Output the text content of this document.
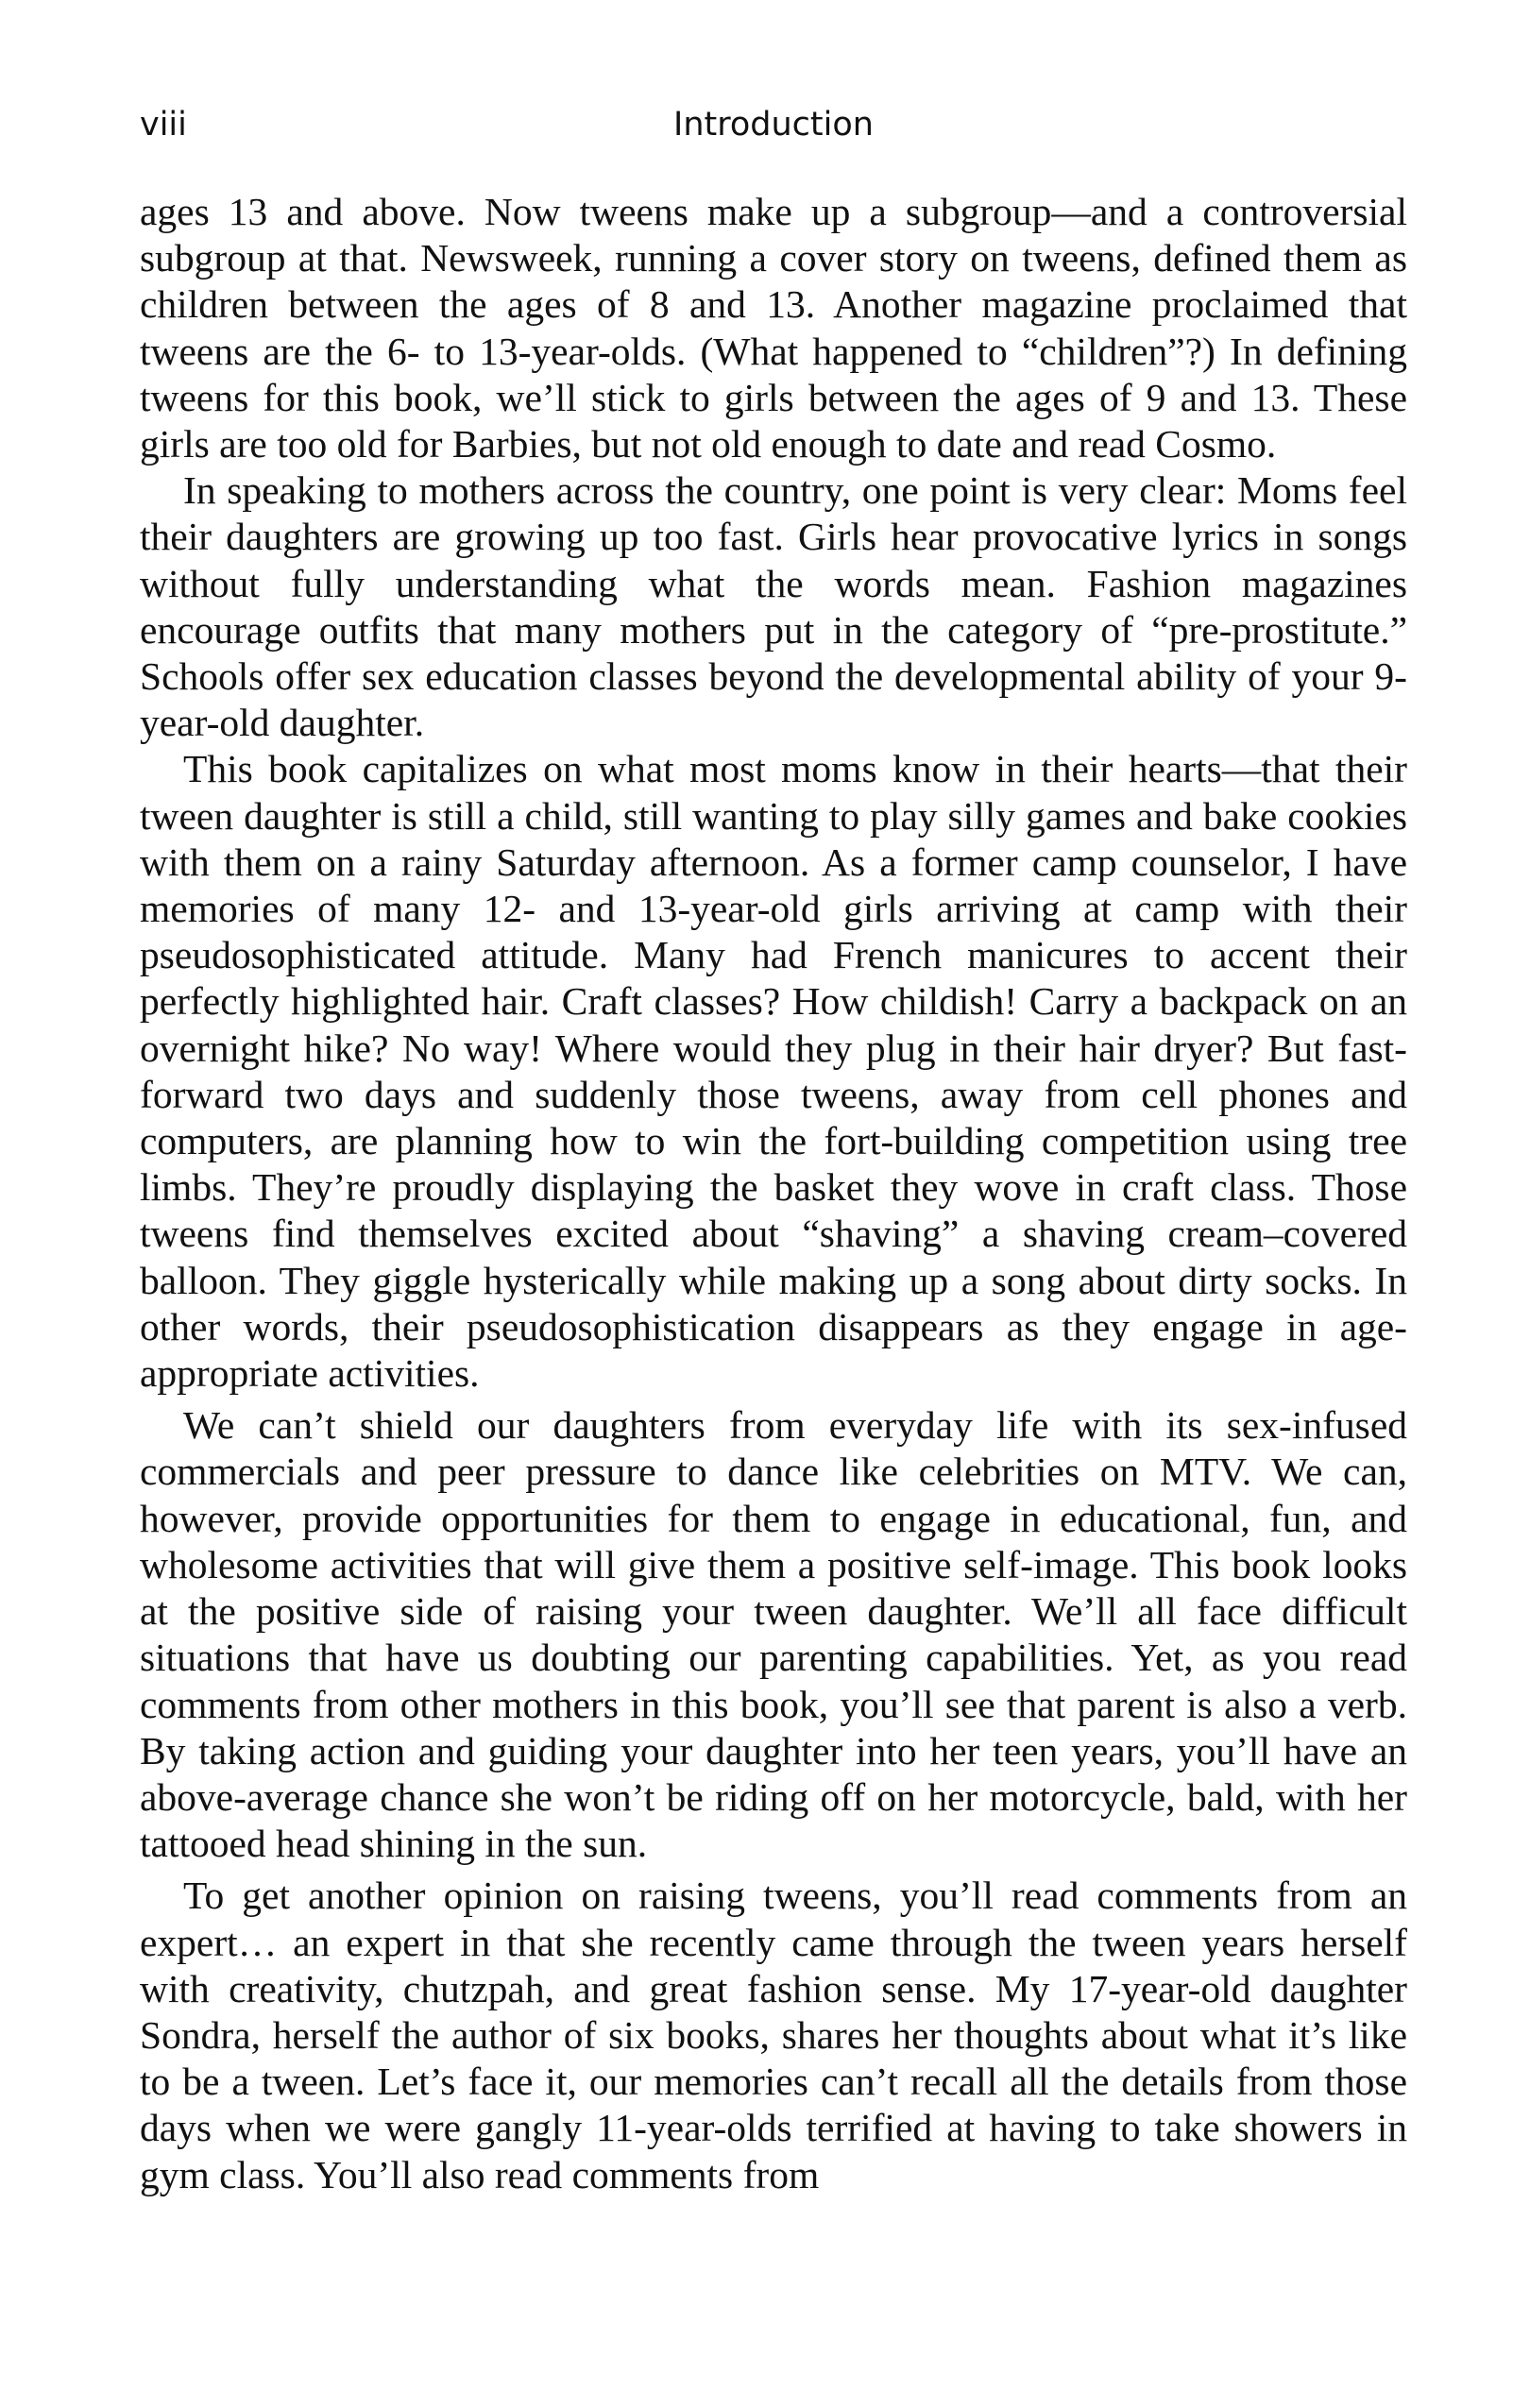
viii	Introduction

ages 13 and above. Now tweens make up a subgroup—and a controversial subgroup at that. Newsweek, running a cover story on tweens, defined them as children between the ages of 8 and 13. Another magazine proclaimed that tweens are the 6- to 13-year-olds. (What happened to “children”?) In defining tweens for this book, we’ll stick to girls between the ages of 9 and 13. These girls are too old for Barbies, but not old enough to date and read Cosmo.

In speaking to mothers across the country, one point is very clear: Moms feel their daughters are growing up too fast. Girls hear provocative lyrics in songs without fully understanding what the words mean. Fashion magazines encourage outfits that many mothers put in the category of “pre-prostitute.” Schools offer sex education classes beyond the developmental ability of your 9-year-old daughter.

This book capitalizes on what most moms know in their hearts—that their tween daughter is still a child, still wanting to play silly games and bake cookies with them on a rainy Saturday afternoon. As a former camp counselor, I have memories of many 12- and 13-year-old girls arriving at camp with their pseudosophisticated attitude. Many had French manicures to accent their perfectly highlighted hair. Craft classes? How childish! Carry a backpack on an overnight hike? No way! Where would they plug in their hair dryer? But fast-forward two days and suddenly those tweens, away from cell phones and computers, are planning how to win the fort-building competition using tree limbs. They’re proudly displaying the basket they wove in craft class. Those tweens find themselves excited about “shaving” a shaving cream–covered balloon. They giggle hysterically while making up a song about dirty socks. In other words, their pseudosophistication disappears as they engage in age-appropriate activities.

We can’t shield our daughters from everyday life with its sex-infused commercials and peer pressure to dance like celebrities on MTV. We can, however, provide opportunities for them to engage in educational, fun, and wholesome activities that will give them a positive self-image. This book looks at the positive side of raising your tween daughter. We’ll all face difficult situations that have us doubting our parenting capabilities. Yet, as you read comments from other mothers in this book, you’ll see that parent is also a verb. By taking action and guiding your daughter into her teen years, you’ll have an above-average chance she won’t be riding off on her motorcycle, bald, with her tattooed head shining in the sun.

To get another opinion on raising tweens, you’ll read comments from an expert… an expert in that she recently came through the tween years herself with creativity, chutzpah, and great fashion sense. My 17-year-old daughter Sondra, herself the author of six books, shares her thoughts about what it’s like to be a tween. Let’s face it, our memories can’t recall all the details from those days when we were gangly 11-year-olds terrified at having to take showers in gym class. You’ll also read comments from
